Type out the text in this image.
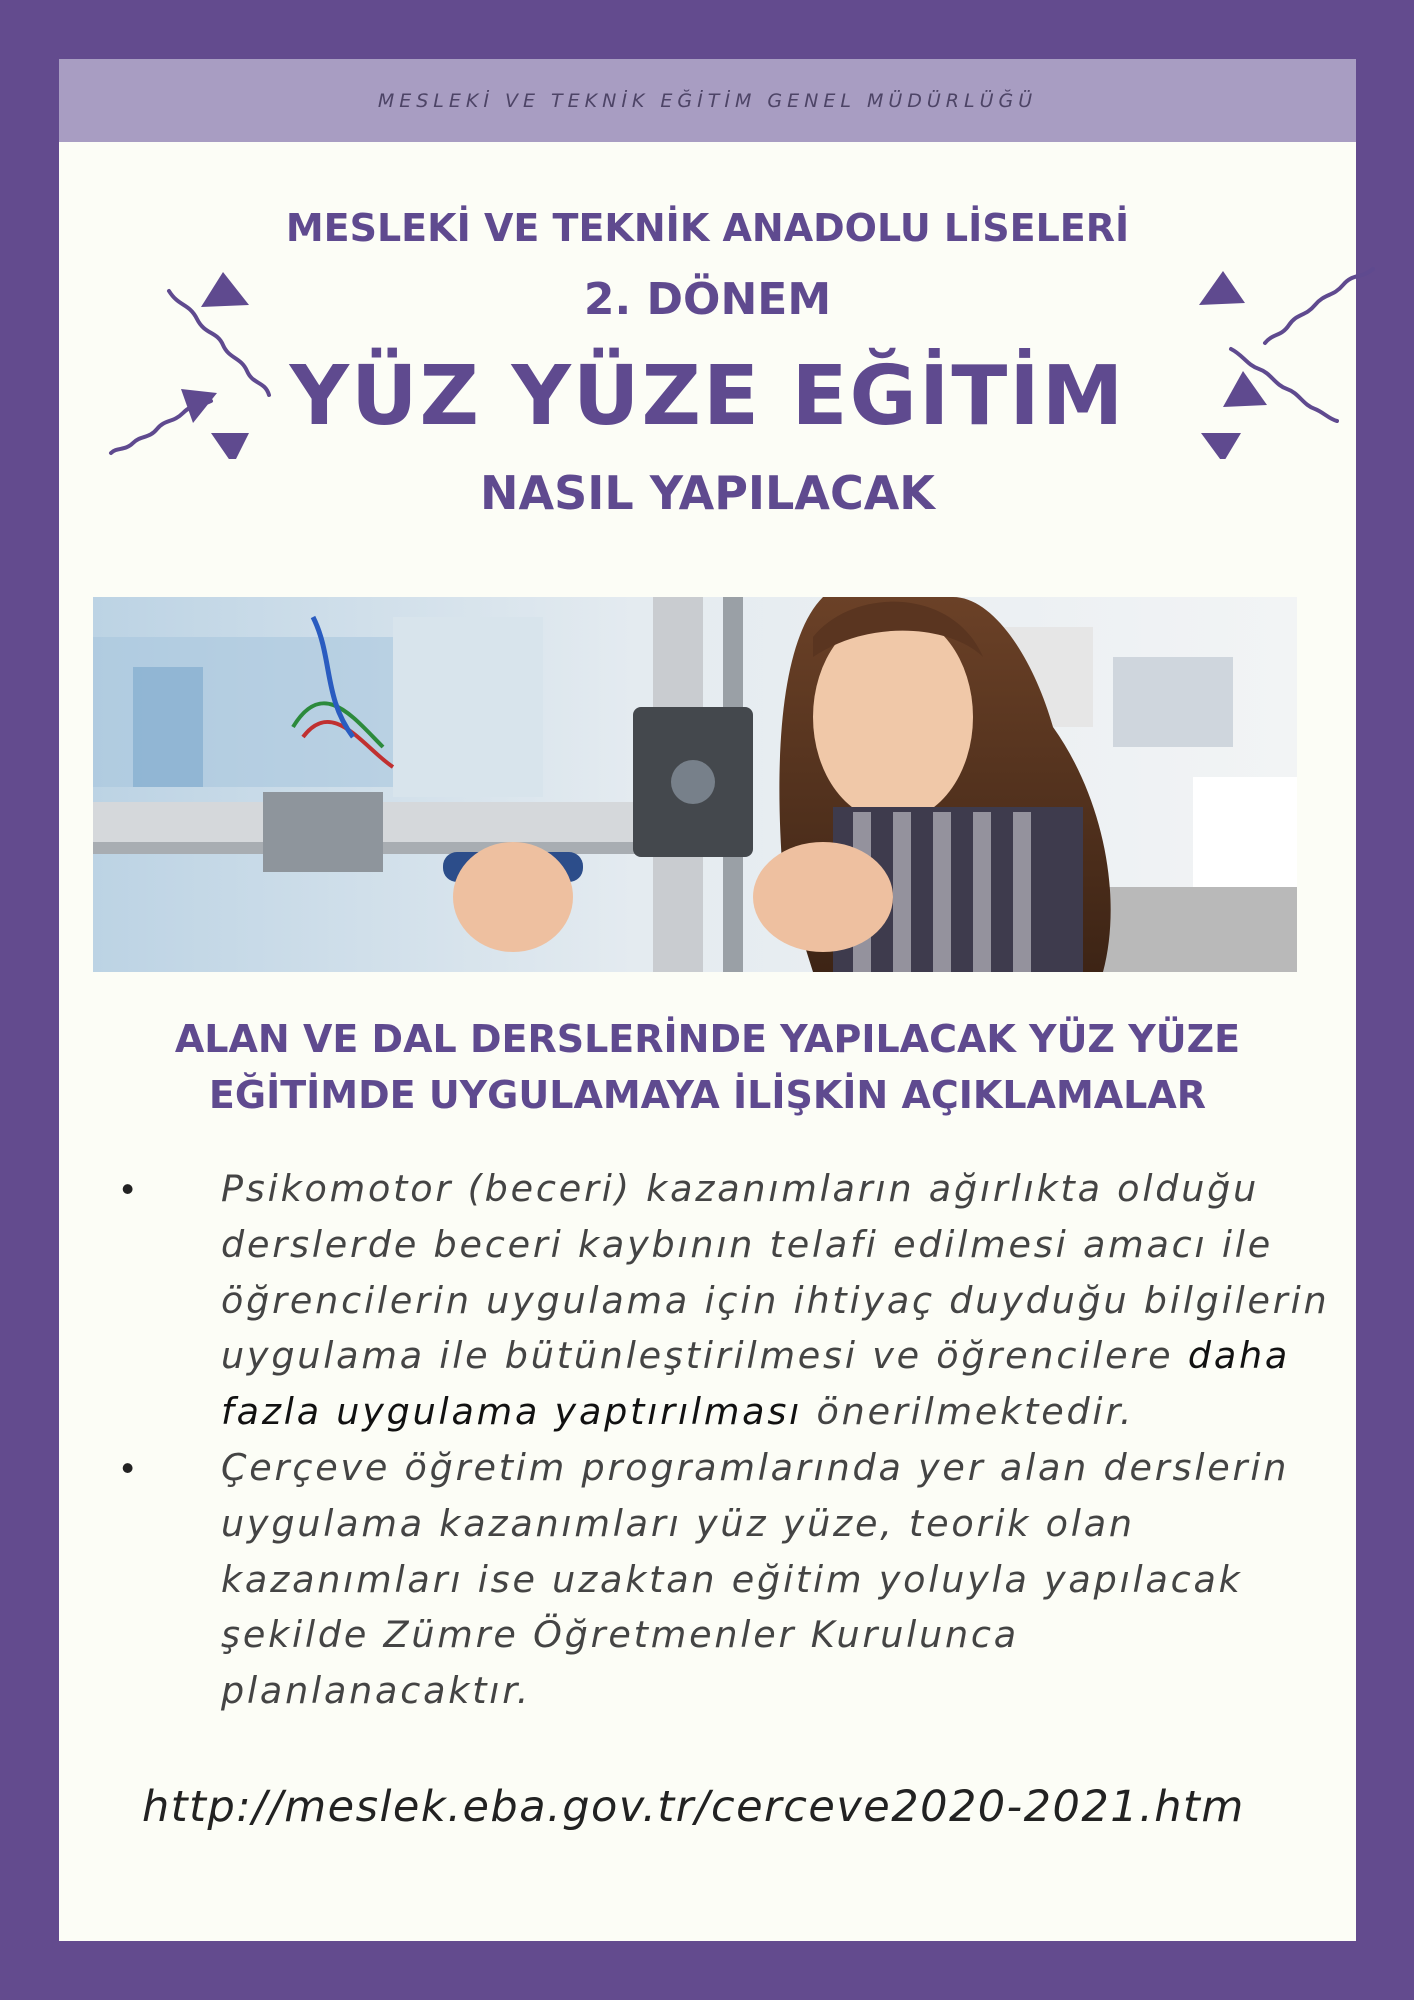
MESLEKİ VE TEKNİK EĞİTİM GENEL MÜDÜRLÜĞÜ
MESLEKİ VE TEKNİK ANADOLU LİSELERİ
2. DÖNEM
YÜZ YÜZE EĞİTİM
NASIL YAPILACAK
ALAN VE DAL DERSLERİNDE YAPILACAK YÜZ YÜZE
EĞİTİMDE UYGULAMAYA İLİŞKİN AÇIKLAMALAR
•	Psikomotor (beceri) kazanımların ağırlıkta olduğu derslerde beceri kaybının telafi edilmesi amacı ile öğrencilerin uygulama için ihtiyaç duyduğu bilgilerin uygulama ile bütünleştirilmesi ve öğrencilere daha fazla uygulama yaptırılması önerilmektedir.
•	Çerçeve öğretim programlarında yer alan derslerin uygulama kazanımları yüz yüze, teorik olan kazanımları ise uzaktan eğitim yoluyla yapılacak şekilde Zümre Öğretmenler Kurulunca planlanacaktır.
http://meslek.eba.gov.tr/cerceve2020-2021.htm
